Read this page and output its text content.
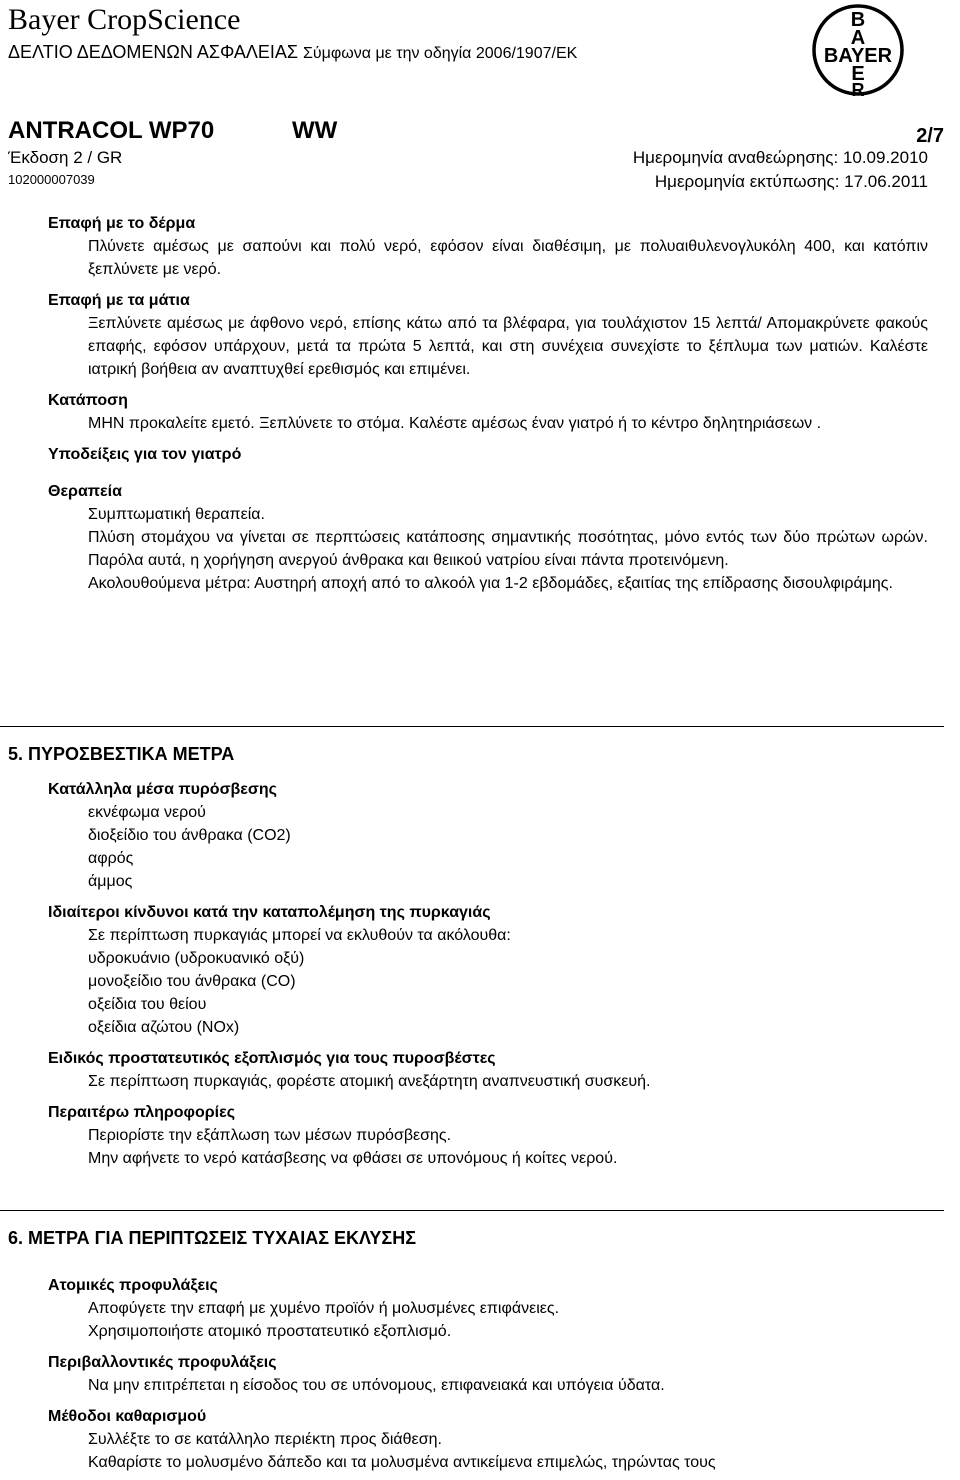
Bayer CropScience
ΔΕΛΤΙΟ ΔΕΔΟΜΕΝΩΝ ΑΣΦΑΛΕΙΑΣ Σύμφωνα με την οδηγία 2006/1907/ΕΚ
B
A
BAYER
E
R
ANTRACOL WP70	WW	2/7
Έκδοση 2 / GR
102000007039
Ημερομηνία αναθεώρησης: 10.09.2010
Ημερομηνία εκτύπωσης: 17.06.2011
Επαφή με το δέρμα
Πλύνετε αμέσως με σαπούνι και πολύ νερό, εφόσον είναι διαθέσιμη, με πολυαιθυλενογλυκόλη 400, και κατόπιν ξεπλύνετε με νερό.
Επαφή με τα μάτια
Ξεπλύνετε αμέσως με άφθονο νερό, επίσης κάτω από τα βλέφαρα, για τουλάχιστον 15 λεπτά/ Απομακρύνετε φακούς επαφής, εφόσον υπάρχουν, μετά τα πρώτα 5 λεπτά, και στη συνέχεια συνεχίστε το ξέπλυμα των ματιών. Καλέστε ιατρική βοήθεια αν αναπτυχθεί ερεθισμός και επιμένει.
Κατάποση
ΜΗΝ προκαλείτε εμετό. Ξεπλύνετε το στόμα. Καλέστε αμέσως έναν γιατρό ή το κέντρο δηλητηριάσεων .
Υποδείξεις για τον γιατρό
Θεραπεία
Συμπτωματική θεραπεία.
Πλύση στομάχου να γίνεται σε περπτώσεις κατάποσης σημαντικής ποσότητας, μόνο εντός των δύο πρώτων ωρών. Παρόλα αυτά, η χορήγηση ανεργού άνθρακα και θειικού νατρίου είναι πάντα προτεινόμενη.
Ακολουθούμενα μέτρα: Αυστηρή αποχή από το αλκοόλ για 1-2 εβδομάδες, εξαιτίας της επίδρασης δισουλφιράμης.
5. ΠΥΡΟΣΒΕΣΤΙΚΑ ΜΕΤΡΑ
Κατάλληλα μέσα πυρόσβεσης
εκνέφωμα νερού
διοξείδιο του άνθρακα (CO2)
αφρός
άμμος
Ιδιαίτεροι κίνδυνοι κατά την καταπολέμηση της πυρκαγιάς
Σε περίπτωση πυρκαγιάς μπορεί να εκλυθούν τα ακόλουθα:
υδροκυάνιο (υδροκυανικό οξύ)
μονοξείδιο του άνθρακα (CO)
οξείδια του θείου
οξείδια αζώτου (NOx)
Ειδικός προστατευτικός εξοπλισμός για τους πυροσβέστες
Σε περίπτωση πυρκαγιάς, φορέστε ατομική ανεξάρτητη αναπνευστική συσκευή.
Περαιτέρω πληροφορίες
Περιορίστε την εξάπλωση των μέσων πυρόσβεσης.
Μην αφήνετε το νερό κατάσβεσης να φθάσει σε υπονόμους ή κοίτες νερού.
6. ΜΕΤΡΑ ΓΙΑ ΠΕΡΙΠΤΩΣΕΙΣ ΤΥΧΑΙΑΣ ΕΚΛΥΣΗΣ
Ατομικές προφυλάξεις
Αποφύγετε την επαφή με χυμένο προϊόν ή μολυσμένες επιφάνειες.
Χρησιμοποιήστε ατομικό προστατευτικό εξοπλισμό.
Περιβαλλοντικές προφυλάξεις
Να μην επιτρέπεται η είσοδος του σε υπόνομους, επιφανειακά και υπόγεια ύδατα.
Μέθοδοι καθαρισμού
Συλλέξτε το σε κατάλληλο περιέκτη προς διάθεση.
Καθαρίστε το μολυσμένο δάπεδο και τα μολυσμένα αντικείμενα επιμελώς, τηρώντας τους
